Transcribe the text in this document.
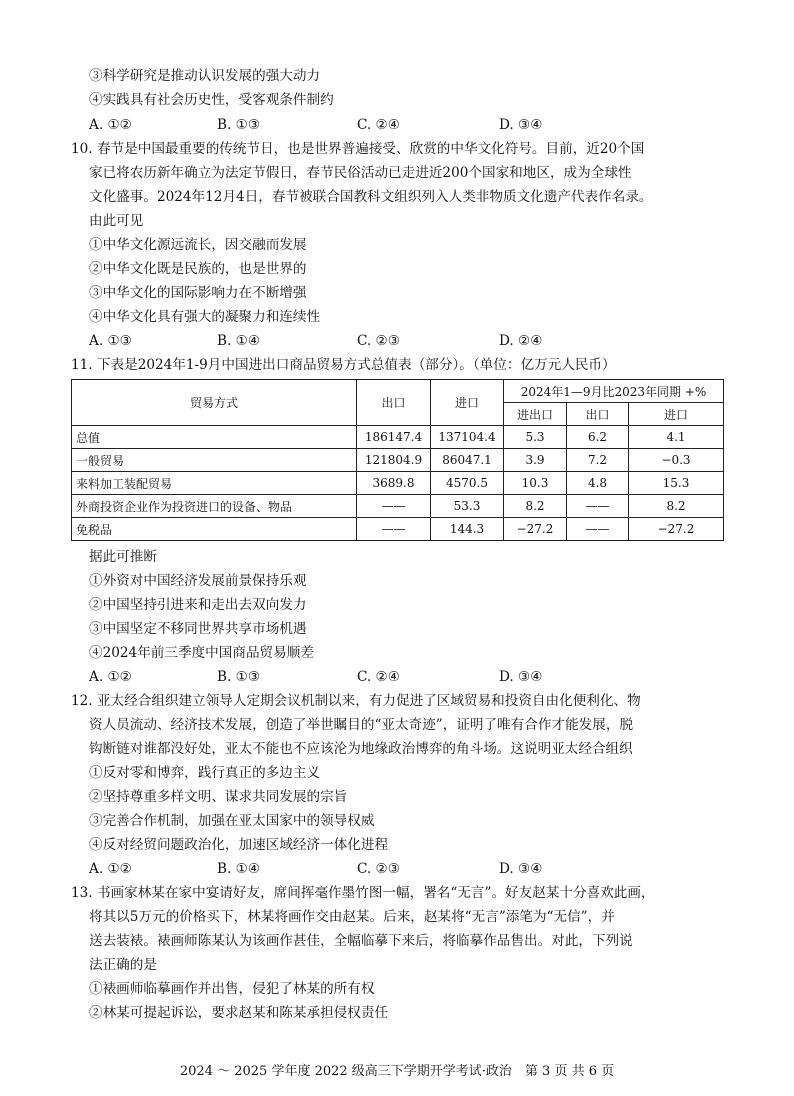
③科学研究是推动认识发展的强大动力
④实践具有社会历史性，受客观条件制约
A. ①②	B. ①③	C. ②④	D. ③④
10. 春节是中国最重要的传统节日，也是世界普遍接受、欣赏的中华文化符号。目前，近20个国
家已将农历新年确立为法定节假日，春节民俗活动已走进近200个国家和地区，成为全球性
文化盛事。2024年12月4日，春节被联合国教科文组织列入人类非物质文化遗产代表作名录。
由此可见
①中华文化源远流长，因交融而发展
②中华文化既是民族的，也是世界的
③中华文化的国际影响力在不断增强
④中华文化具有强大的凝聚力和连续性
A. ①③	B. ①④	C. ②③	D. ②④
11. 下表是2024年1-9月中国进出口商品贸易方式总值表（部分）。（单位：亿万元人民币）
贸易方式	出口	进口	2024年1—9月比2023年同期 +%		
			进出口	出口	进口
总值	186147.4	137104.4	5.3	6.2	4.1
一般贸易	121804.9	86047.1	3.9	7.2	−0.3
来料加工装配贸易	3689.8	4570.5	10.3	4.8	15.3
外商投资企业作为投资进口的设备、物品	——	53.3	8.2	——	8.2
免税品	——	144.3	−27.2	——	−27.2
据此可推断
①外资对中国经济发展前景保持乐观
②中国坚持引进来和走出去双向发力
③中国坚定不移同世界共享市场机遇
④2024年前三季度中国商品贸易顺差
A. ①②	B. ①③	C. ②④	D. ③④
12. 亚太经合组织建立领导人定期会议机制以来，有力促进了区域贸易和投资自由化便利化、物
资人员流动、经济技术发展，创造了举世瞩目的“亚太奇迹”，证明了唯有合作才能发展，脱
钩断链对谁都没好处，亚太不能也不应该沦为地缘政治博弈的角斗场。这说明亚太经合组织
①反对零和博弈，践行真正的多边主义
②坚持尊重多样文明、谋求共同发展的宗旨
③完善合作机制，加强在亚太国家中的领导权威
④反对经贸问题政治化，加速区域经济一体化进程
A. ①②	B. ①④	C. ②③	D. ③④
13. 书画家林某在家中宴请好友，席间挥毫作墨竹图一幅，署名“无言”。好友赵某十分喜欢此画，
将其以5万元的价格买下，林某将画作交由赵某。后来，赵某将“无言”添笔为“无信”，并
送去装裱。裱画师陈某认为该画作甚佳，全幅临摹下来后，将临摹作品售出。对此，下列说
法正确的是
①裱画师临摹画作并出售，侵犯了林某的所有权
②林某可提起诉讼，要求赵某和陈某承担侵权责任
2024 ～ 2025 学年度 2022 级高三下学期开学考试·政治　第 3 页 共 6 页
